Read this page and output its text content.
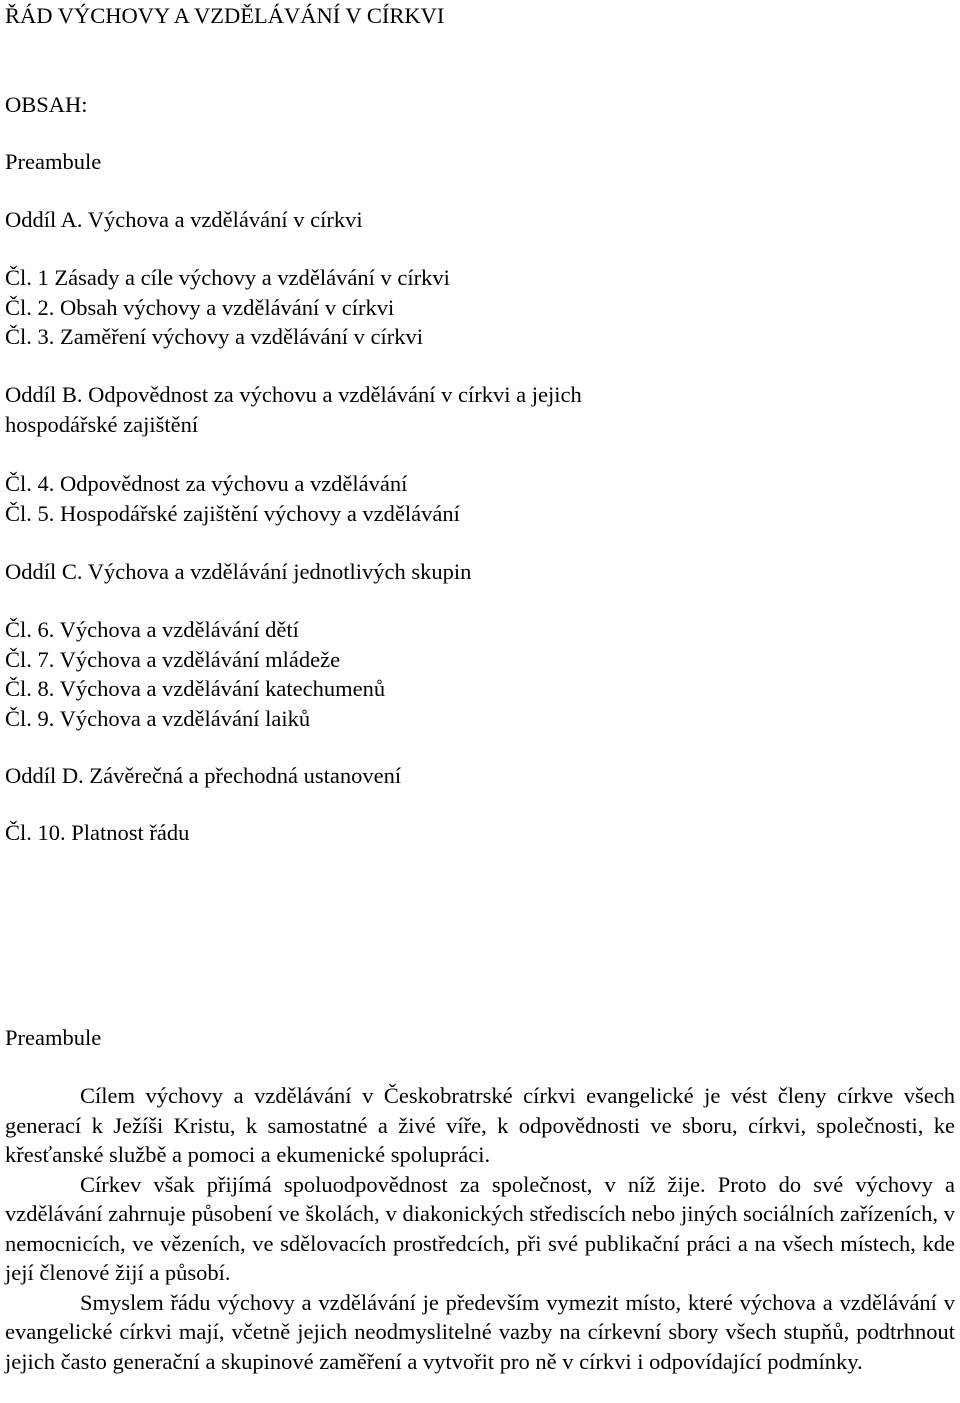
ŘÁD VÝCHOVY A VZDĚLÁVÁNÍ V CÍRKVI
OBSAH:
Preambule
Oddíl A. Výchova a vzdělávání v církvi
Čl. 1 Zásady a cíle výchovy a vzdělávání v církvi
Čl. 2. Obsah výchovy a vzdělávání v církvi
Čl. 3. Zaměření výchovy a vzdělávání v církvi
Oddíl B. Odpovědnost za výchovu a vzdělávání v církvi a jejich
hospodářské zajištění
Čl. 4. Odpovědnost za výchovu a vzdělávání
Čl. 5. Hospodářské zajištění výchovy a vzdělávání
Oddíl C. Výchova a vzdělávání jednotlivých skupin
Čl. 6. Výchova a vzdělávání dětí
Čl. 7. Výchova a vzdělávání mládeže
Čl. 8. Výchova a vzdělávání katechumenů
Čl. 9. Výchova a vzdělávání laiků
Oddíl D. Závěrečná a přechodná ustanovení
Čl. 10. Platnost řádu
Preambule

Cílem výchovy a vzdělávání v Českobratrské církvi evangelické je vést členy církve všech generací k Ježíši Kristu, k samostatné a živé víře, k odpovědnosti ve sboru, církvi, společnosti, ke křesťanské službě a pomoci a ekumenické spolupráci.

Církev však přijímá spoluodpovědnost za společnost, v níž žije. Proto do své výchovy a vzdělávání zahrnuje působení ve školách, v diakonických střediscích nebo jiných sociálních zařízeních, v nemocnicích, ve vězeních, ve sdělovacích prostředcích, při své publikační práci a na všech místech, kde její členové žijí a působí.

Smyslem řádu výchovy a vzdělávání je především vymezit místo, které výchova a vzdělávání v evangelické církvi mají, včetně jejich neodmyslitelné vazby na církevní sbory všech stupňů, podtrhnout jejich často generační a skupinové zaměření a vytvořit pro ně v církvi i odpovídající podmínky.
